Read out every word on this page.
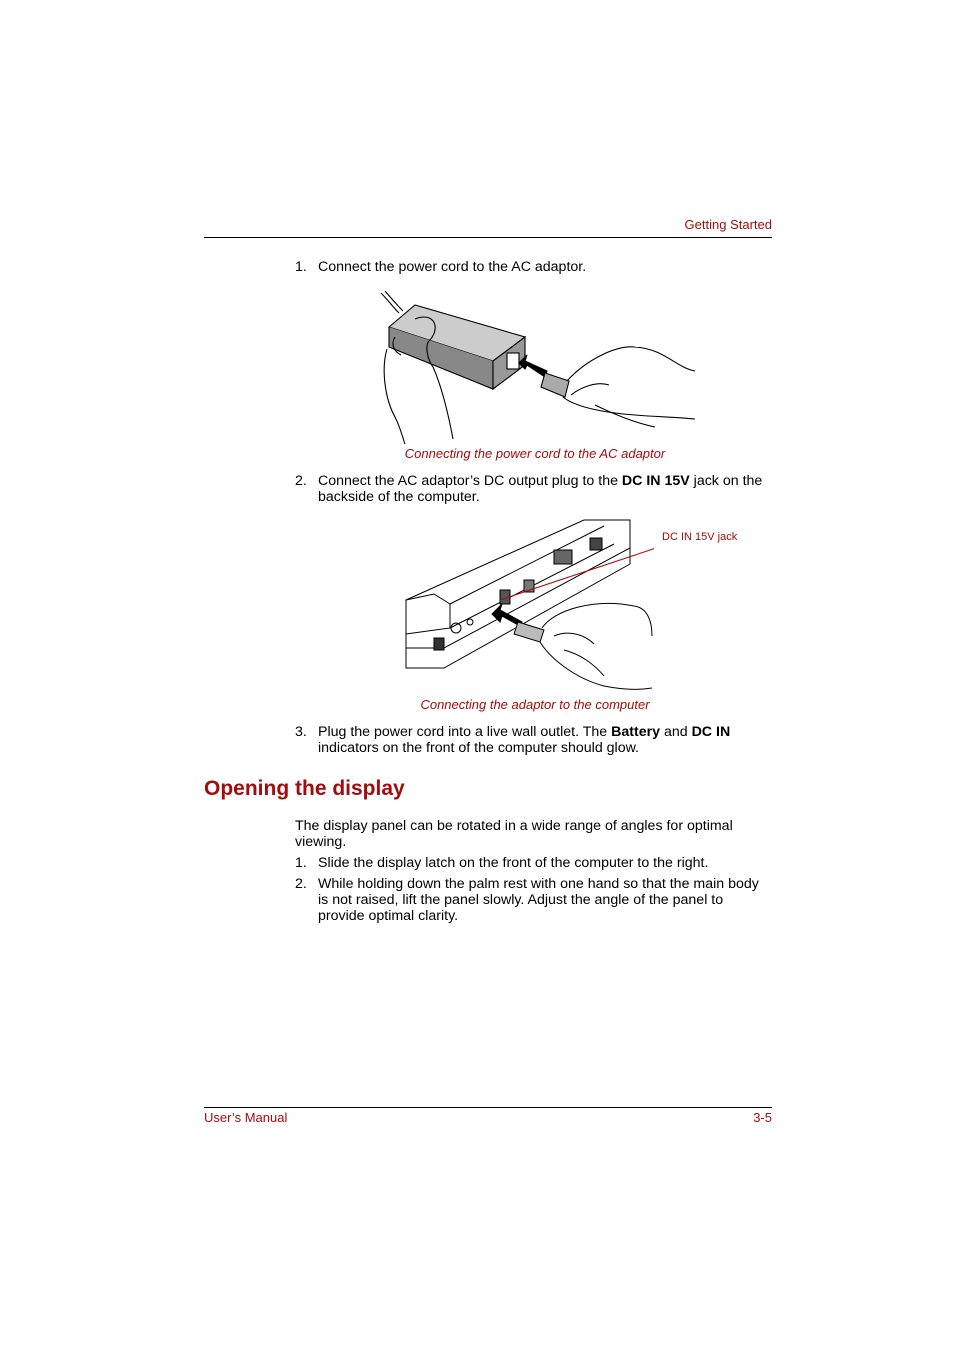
Getting Started
1. Connect the power cord to the AC adaptor.
Connecting the power cord to the AC adaptor
2. Connect the AC adaptor’s DC output plug to the DC IN 15V jack on the
backside of the computer.
DC IN 15V jack
Connecting the adaptor to the computer
3. Plug the power cord into a live wall outlet. The Battery and DC IN
indicators on the front of the computer should glow.
Opening the display
The display panel can be rotated in a wide range of angles for optimal
viewing.
1. Slide the display latch on the front of the computer to the right.
2. While holding down the palm rest with one hand so that the main body
is not raised, lift the panel slowly. Adjust the angle of the panel to
provide optimal clarity.
User’s Manual	3-5
